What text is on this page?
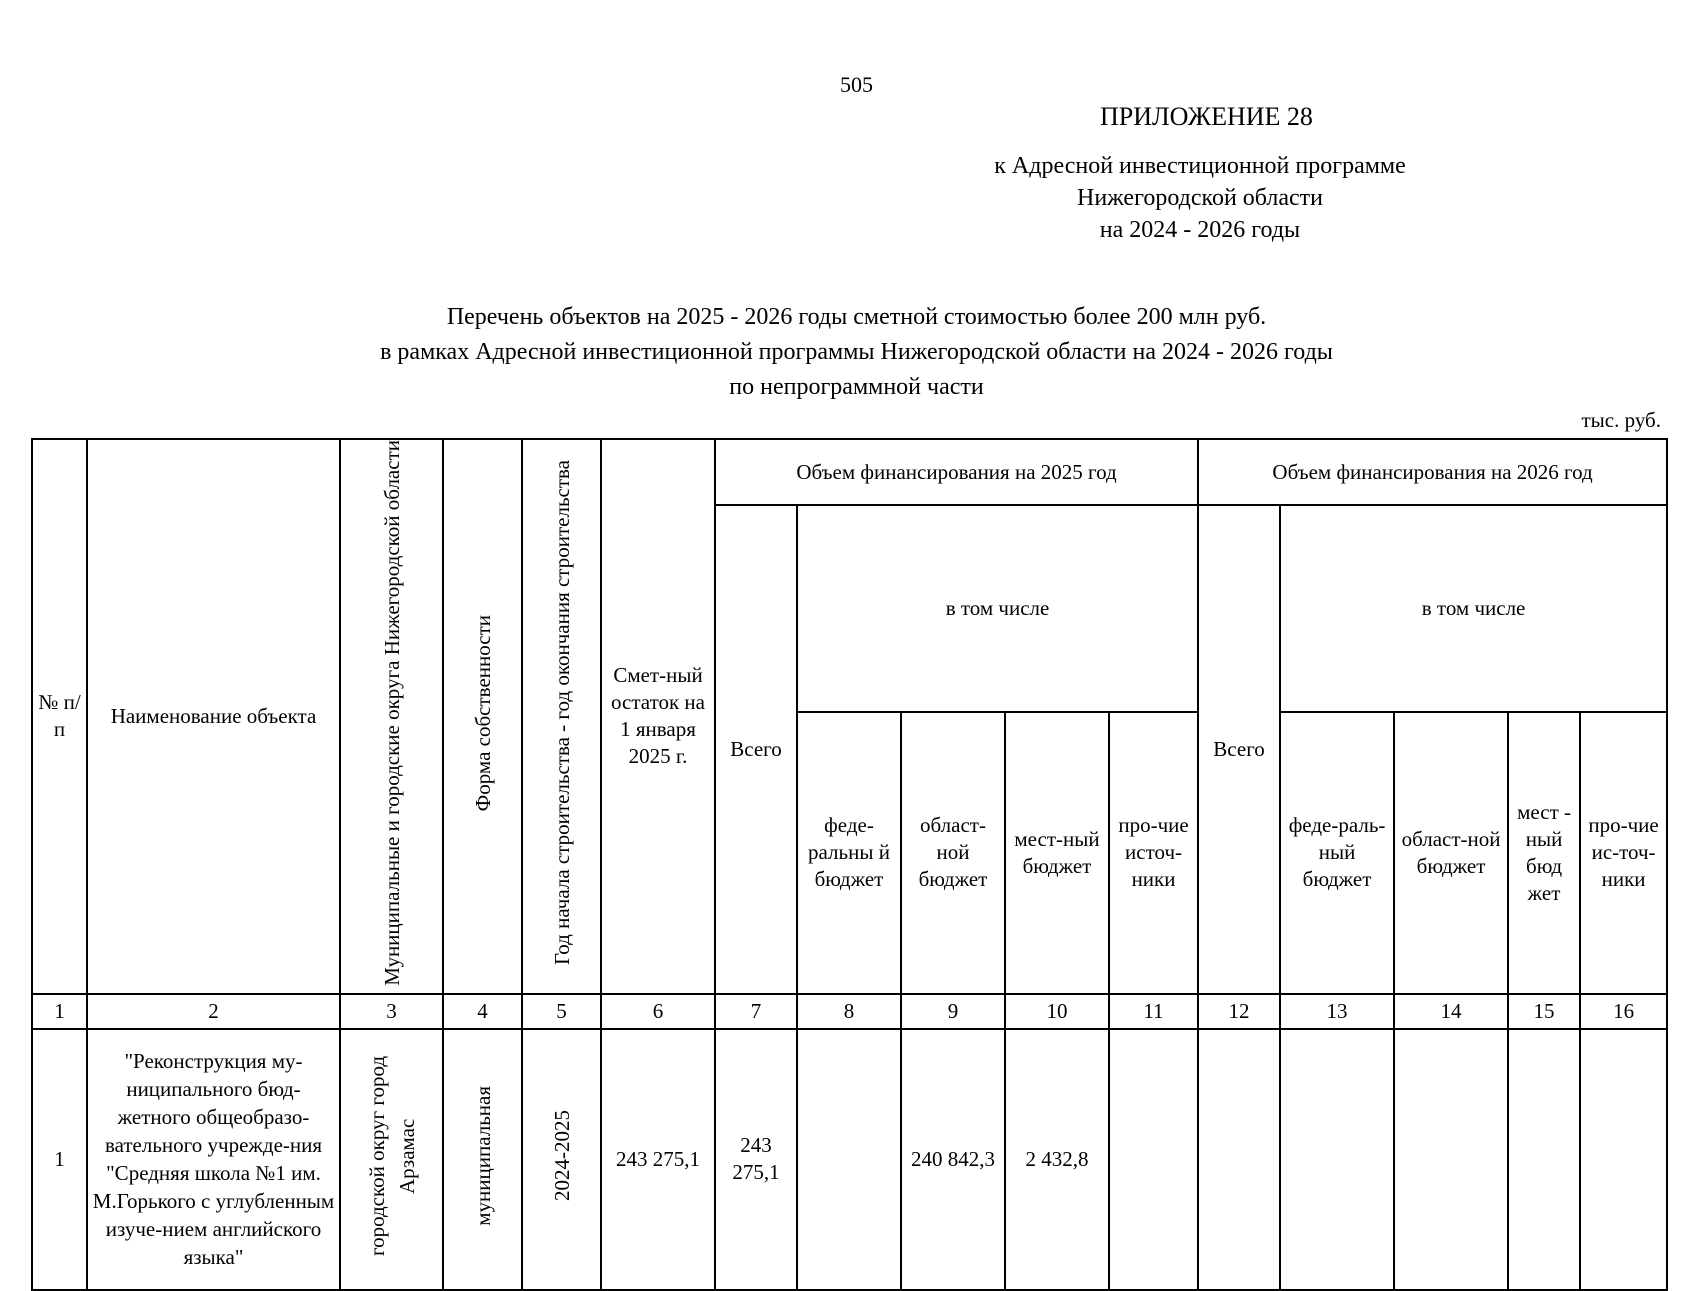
505
ПРИЛОЖЕНИЕ 28
к Адресной инвестиционной программе
Нижегородской области
на 2024 - 2026 годы
Перечень объектов на 2025 - 2026 годы сметной стоимостью более 200 млн руб.
в рамках Адресной инвестиционной программы Нижегородской области на 2024 - 2026 годы
по непрограммной части
тыс. руб.
№ п/п	Наименование объекта	Муниципальные и городские округа Нижегородской области	Форма собственности	Год начала строительства - год окончания строительства	Смет-ный остаток на 1 января 2025 г.	Объем финансирования на 2025 год					Объем финансирования на 2026 год				
						Всего	в том числе				Всего	в том числе			
							феде-ральны й бюджет	област-ной бюджет	мест-ный бюджет	про-чие источ-ники		феде-раль-ный бюджет	област-ной бюджет	мест - ный бюд жет	про-чие ис-точ-ники
1	2	3	4	5	6	7	8	9	10	11	12	13	14	15	16
1	"Реконструкция му-ниципального бюд-жетного общеобразо-вательного учрежде-ния "Средняя школа №1 им. М.Горького с углубленным изуче-нием английского языка"	городской округ город Арзамас	муниципальная	2024-2025	243 275,1	243 275,1		240 842,3	2 432,8						
